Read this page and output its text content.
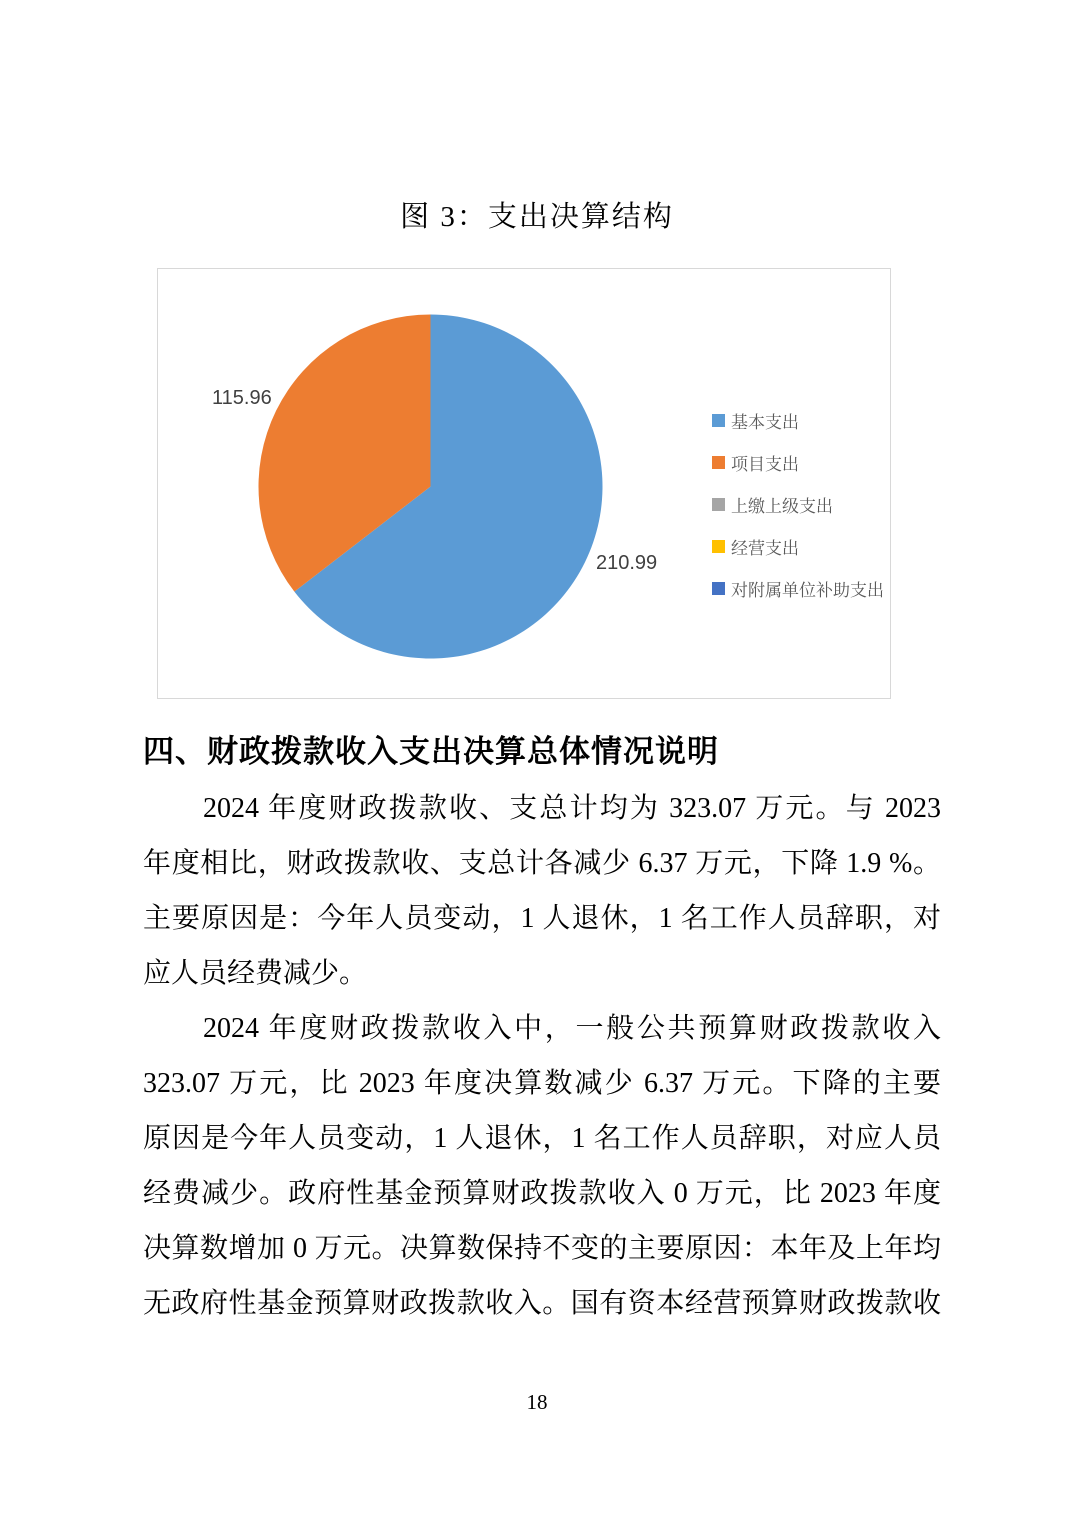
图 3：支出决算结构
115.96
210.99
基本支出
项目支出
上缴上级支出
经营支出
对附属单位补助支出
四、财政拨款收入支出决算总体情况说明
2024 年度财政拨款收、支总计均为 323.07 万元。与 2023
年度相比，财政拨款收、支总计各减少 6.37 万元，下降 1.9 %。
主要原因是：今年人员变动，1 人退休，1 名工作人员辞职，对
应人员经费减少。
2024 年度财政拨款收入中，一般公共预算财政拨款收入
323.07 万元，比 2023 年度决算数减少 6.37 万元。下降的主要
原因是今年人员变动，1 人退休，1 名工作人员辞职，对应人员
经费减少。政府性基金预算财政拨款收入 0 万元，比 2023 年度
决算数增加 0 万元。决算数保持不变的主要原因：本年及上年均
无政府性基金预算财政拨款收入。国有资本经营预算财政拨款收
18
